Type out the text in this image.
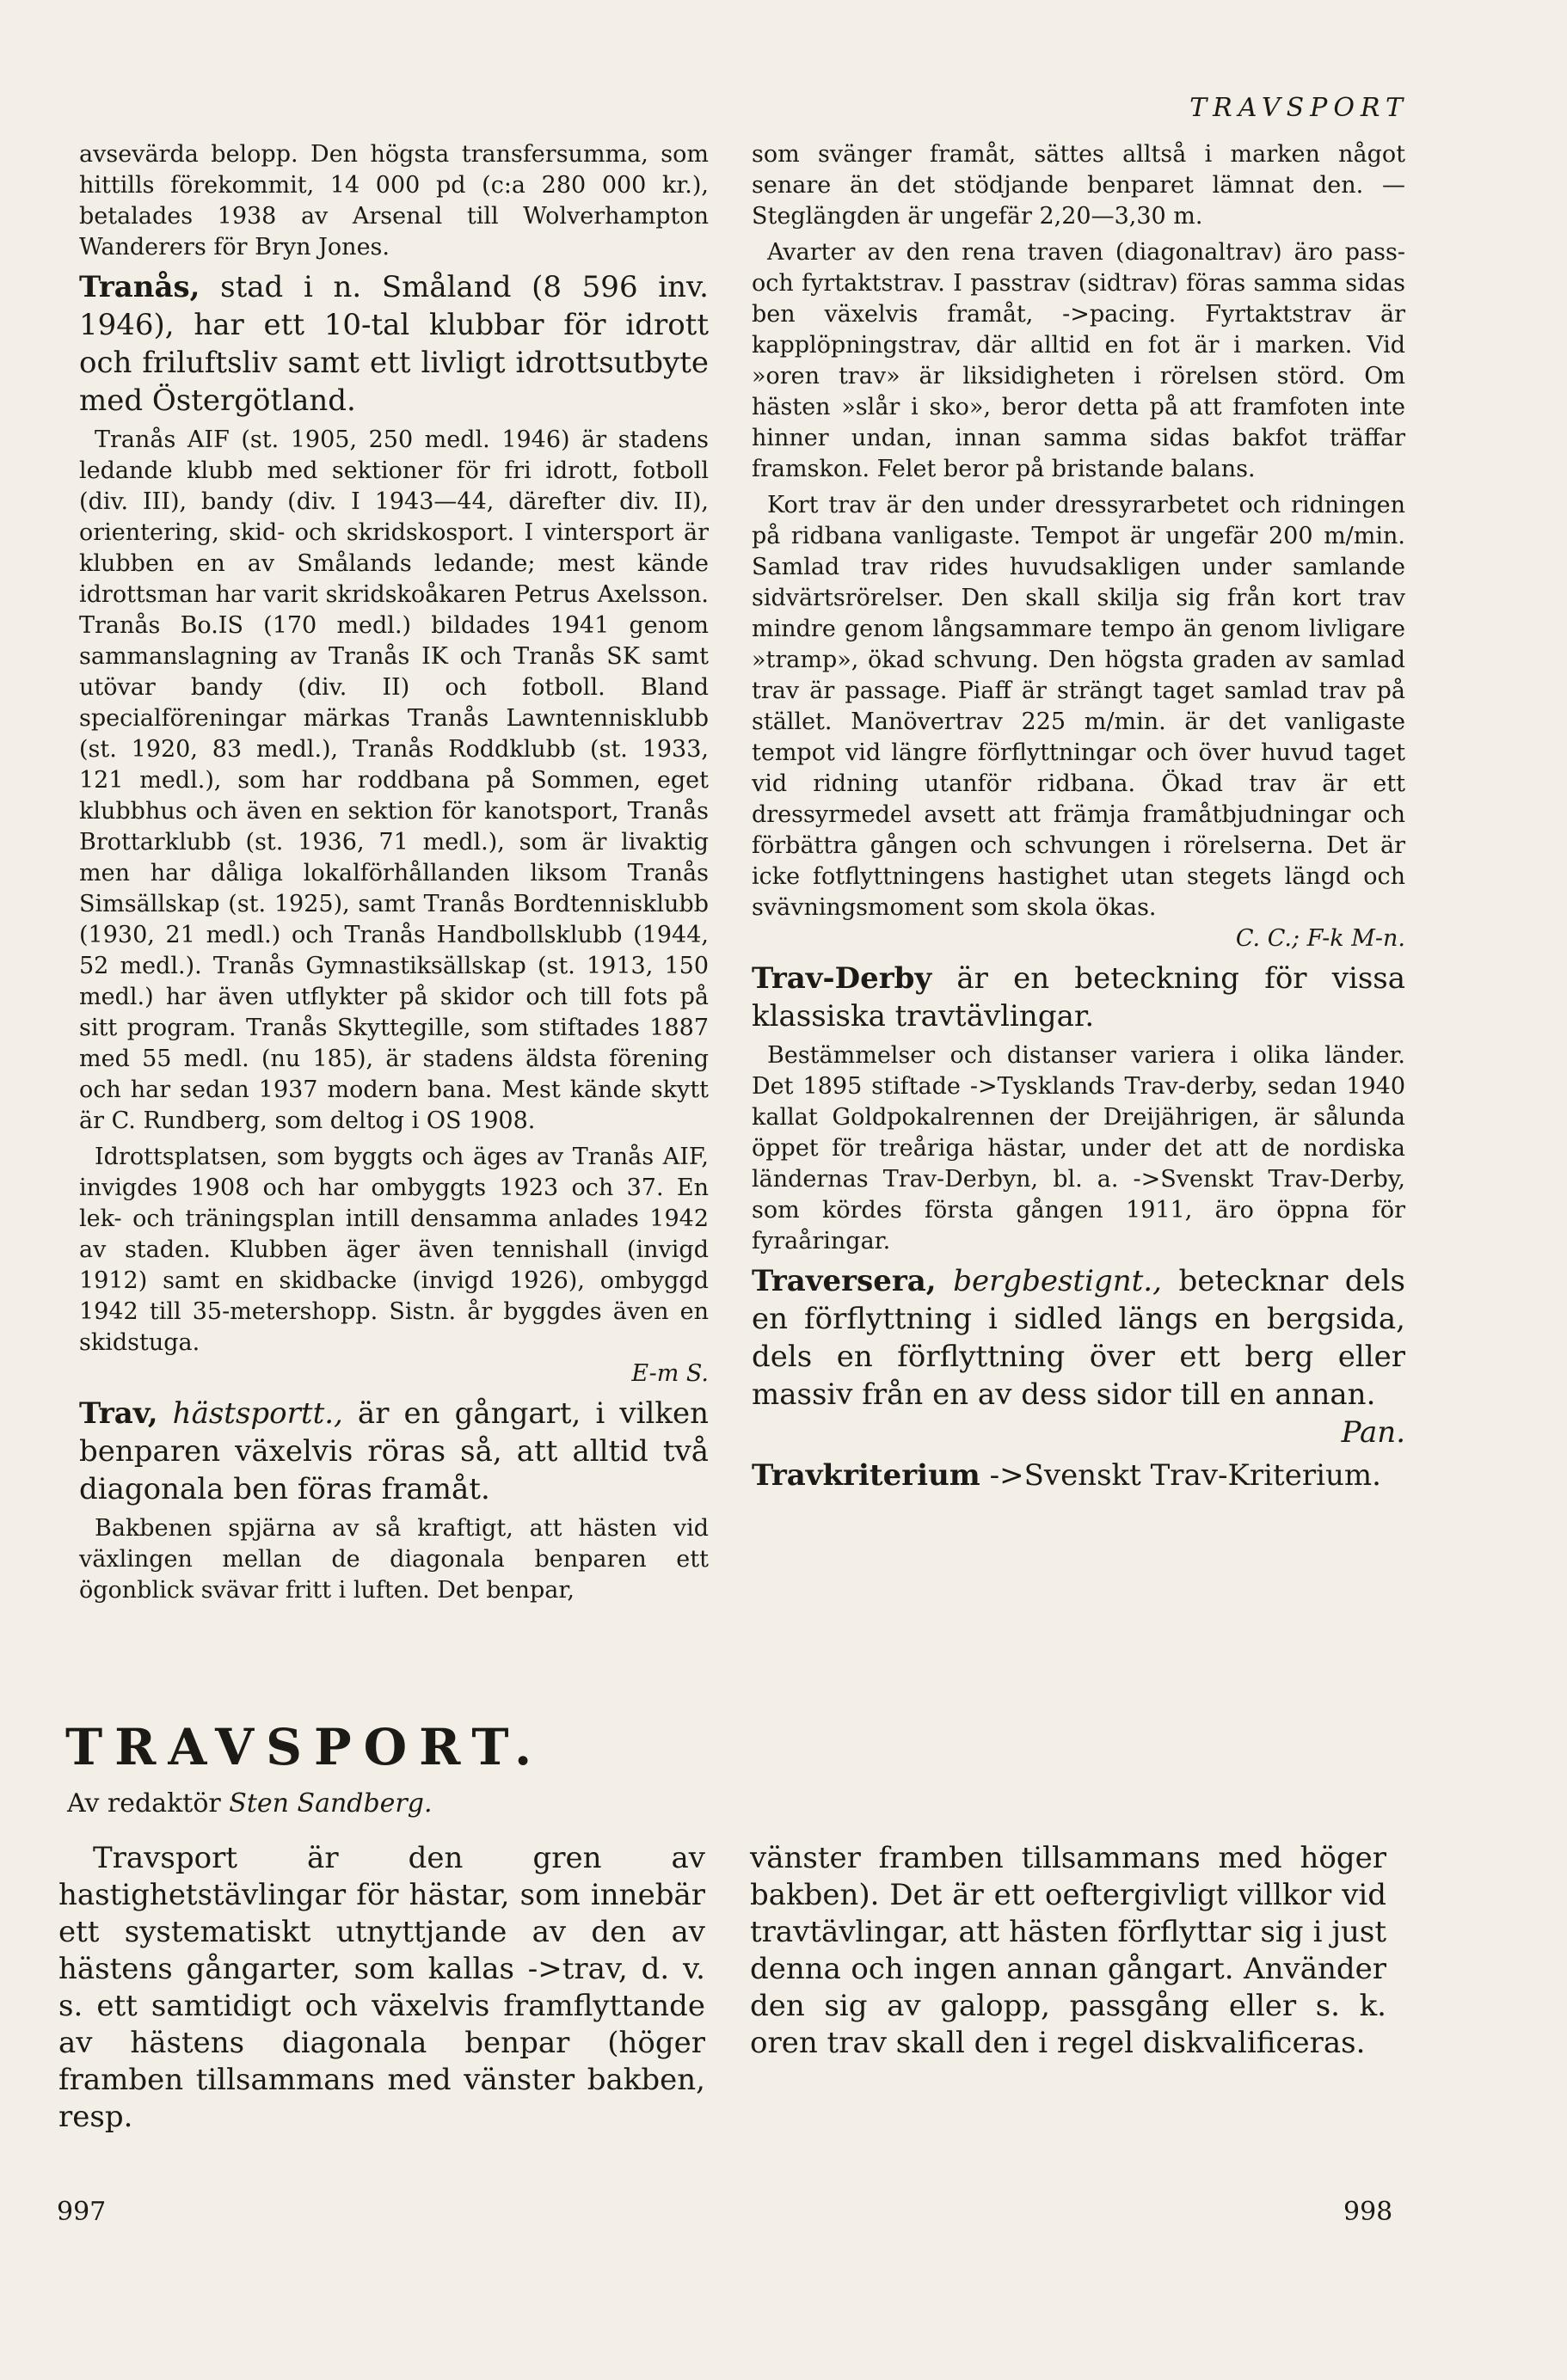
TRAVSPORT

avsevärda belopp. Den högsta transfersumma, som hittills förekommit, 14 000 pd (c:a 280 000 kr.), betalades 1938 av Arsenal till Wolverhampton Wanderers för Bryn Jones.

Tranås, stad i n. Småland (8 596 inv. 1946), har ett 10-tal klubbar för idrott och friluftsliv samt ett livligt idrottsutbyte med Östergötland.

Tranås AIF (st. 1905, 250 medl. 1946) är stadens ledande klubb med sektioner för fri idrott, fotboll (div. III), bandy (div. I 1943—44, därefter div. II), orientering, skid- och skridskosport. I vintersport är klubben en av Smålands ledande; mest kände idrottsman har varit skridskoåkaren Petrus Axelsson. Tranås Bo.IS (170 medl.) bildades 1941 genom sammanslagning av Tranås IK och Tranås SK samt utövar bandy (div. II) och fotboll. Bland specialföreningar märkas Tranås Lawntennisklubb (st. 1920, 83 medl.), Tranås Roddklubb (st. 1933, 121 medl.), som har roddbana på Sommen, eget klubbhus och även en sektion för kanotsport, Tranås Brottarklubb (st. 1936, 71 medl.), som är livaktig men har dåliga lokalförhållanden liksom Tranås Simsällskap (st. 1925), samt Tranås Bordtennisklubb (1930, 21 medl.) och Tranås Handbollsklubb (1944, 52 medl.). Tranås Gymnastiksällskap (st. 1913, 150 medl.) har även utflykter på skidor och till fots på sitt program. Tranås Skyttegille, som stiftades 1887 med 55 medl. (nu 185), är stadens äldsta förening och har sedan 1937 modern bana. Mest kände skytt är C. Rundberg, som deltog i OS 1908.

Idrottsplatsen, som byggts och äges av Tranås AIF, invigdes 1908 och har ombyggts 1923 och 37. En lek- och träningsplan intill densamma anlades 1942 av staden. Klubben äger även tennishall (invigd 1912) samt en skidbacke (invigd 1926), ombyggd 1942 till 35-metershopp. Sistn. år byggdes även en skidstuga.
E-m S.

Trav, hästsportt., är en gångart, i vilken benparen växelvis röras så, att alltid två diagonala ben föras framåt.

Bakbenen spjärna av så kraftigt, att hästen vid växlingen mellan de diagonala benparen ett ögonblick svävar fritt i luften. Det benpar,

som svänger framåt, sättes alltså i marken något senare än det stödjande benparet lämnat den. — Steglängden är ungefär 2,20—3,30 m.

Avarter av den rena traven (diagonaltrav) äro pass- och fyrtaktstrav. I passtrav (sidtrav) föras samma sidas ben växelvis framåt, ->pacing. Fyrtaktstrav är kapplöpningstrav, där alltid en fot är i marken. Vid »oren trav» är liksidigheten i rörelsen störd. Om hästen »slår i sko», beror detta på att framfoten inte hinner undan, innan samma sidas bakfot träffar framskon. Felet beror på bristande balans.

Kort trav är den under dressyrarbetet och ridningen på ridbana vanligaste. Tempot är ungefär 200 m/min. Samlad trav rides huvudsakligen under samlande sidvärtsrörelser. Den skall skilja sig från kort trav mindre genom långsammare tempo än genom livligare »tramp», ökad schvung. Den högsta graden av samlad trav är passage. Piaff är strängt taget samlad trav på stället. Manövertrav 225 m/min. är det vanligaste tempot vid längre förflyttningar och över huvud taget vid ridning utanför ridbana. Ökad trav är ett dressyrmedel avsett att främja framåtbjudningar och förbättra gången och schvungen i rörelserna. Det är icke fotflyttningens hastighet utan stegets längd och svävningsmoment som skola ökas.
C. C.; F-k M-n.

Trav-Derby är en beteckning för vissa klassiska travtävlingar.

Bestämmelser och distanser variera i olika länder. Det 1895 stiftade ->Tysklands Trav-derby, sedan 1940 kallat Goldpokalrennen der Dreijährigen, är sålunda öppet för treåriga hästar, under det att de nordiska ländernas Trav-Derbyn, bl. a. ->Svenskt Trav-Derby, som kördes första gången 1911, äro öppna för fyraåringar.

Traversera, bergbestignt., betecknar dels en förflyttning i sidled längs en bergsida, dels en förflyttning över ett berg eller massiv från en av dess sidor till en annan.
Pan.

Travkriterium ->Svenskt Trav-Kriterium.

TRAVSPORT.
Av redaktör Sten Sandberg.

Travsport är den gren av hastighetstävlingar för hästar, som innebär ett systematiskt utnyttjande av den av hästens gångarter, som kallas ->trav, d. v. s. ett samtidigt och växelvis framflyttande av hästens diagonala benpar (höger framben tillsammans med vänster bakben, resp.

vänster framben tillsammans med höger bakben). Det är ett oeftergivligt villkor vid travtävlingar, att hästen förflyttar sig i just denna och ingen annan gångart. Använder den sig av galopp, passgång eller s. k. oren trav skall den i regel diskvalificeras.

997	998
